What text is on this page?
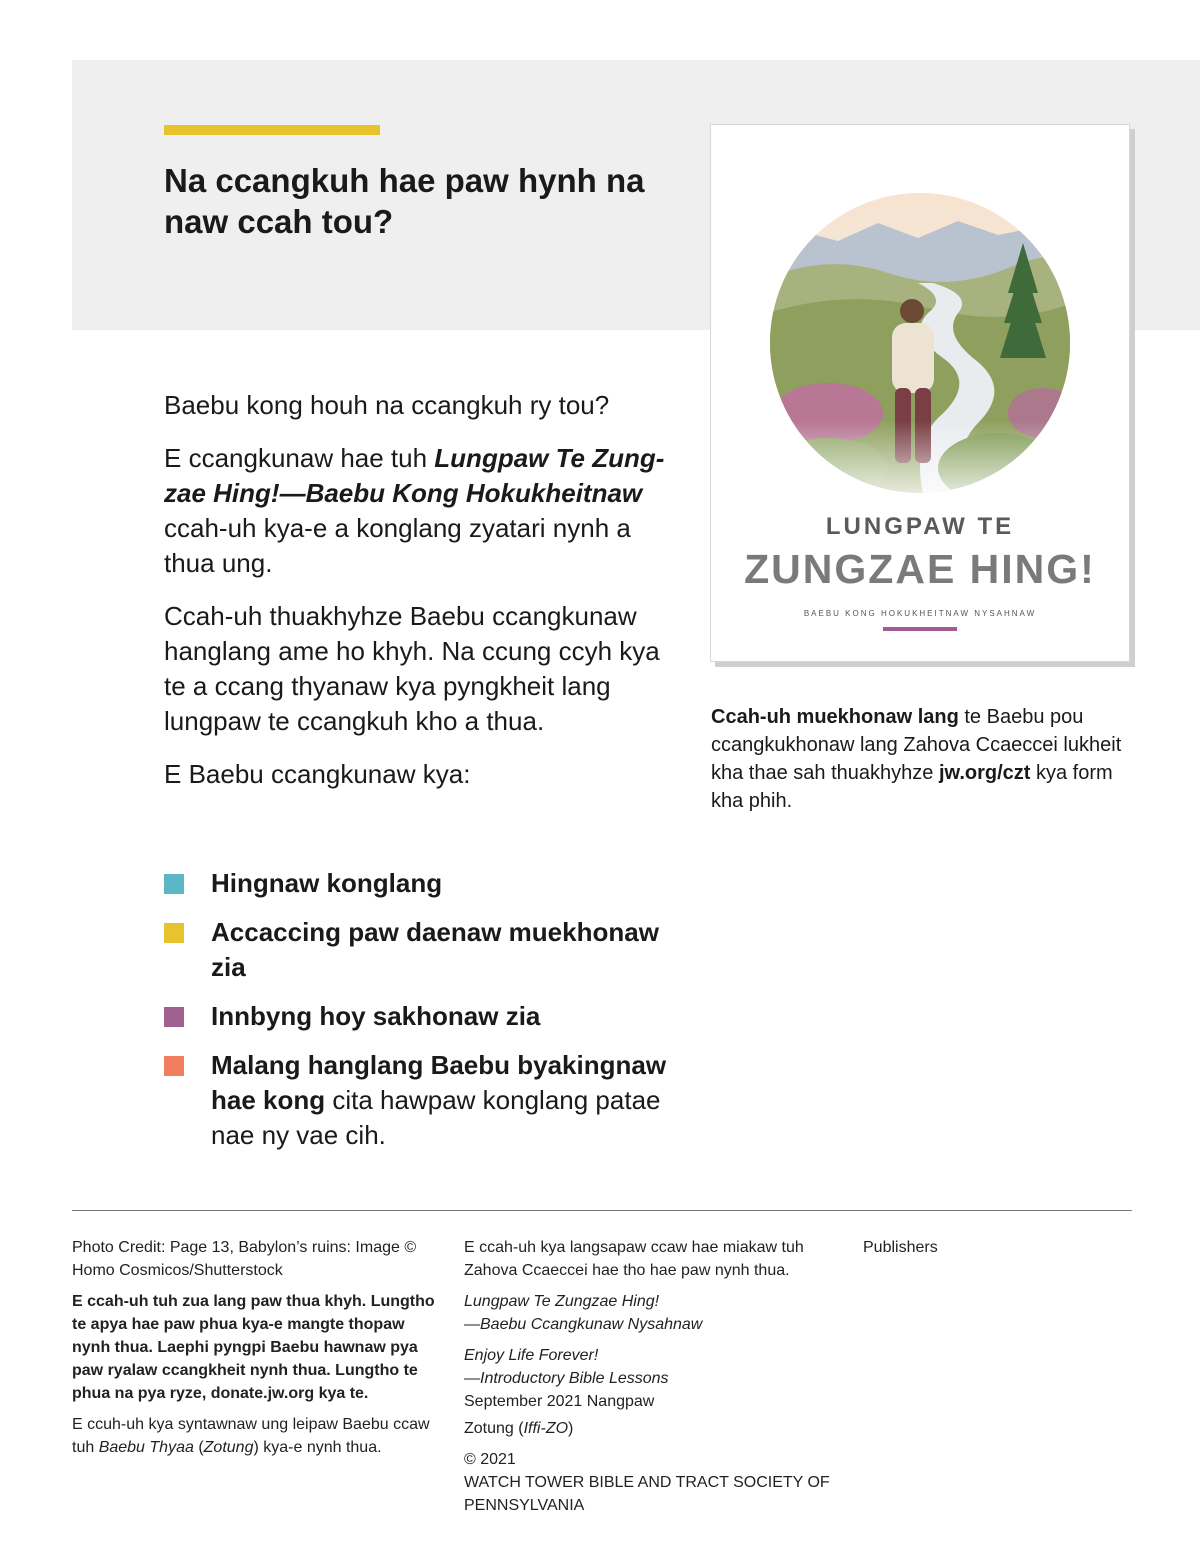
Na ccangkuh hae paw hynh na
naw ccah tou?

Baebu kong houh na ccangkuh ry tou?

E ccangkunaw hae tuh Lungpaw Te Zung-zae Hing!—Baebu Kong Hokukheitnaw ccah-uh kya-e a konglang zyatari nynh a thua ung.

Ccah-uh thuakhyhze Baebu ccangkunaw hanglang ame ho khyh. Na ccung ccyh kya te a ccang thyanaw kya pyngkheit lang lungpaw te ccangkuh kho a thua.

E Baebu ccangkunaw kya:

Hingnaw konglang
Accaccing paw daenaw muekhonaw zia
Innbyng hoy sakhonaw zia
Malang hanglang Baebu byakingnaw hae kong cita hawpaw konglang patae nae ny vae cih.
LUNGPAW TE
ZUNGZAE HING!
BAEBU KONG HOKUKHEITNAW NYSAHNAW
Ccah-uh muekhonaw lang te Baebu pou ccangkukhonaw lang Zahova Ccaeccei lukheit kha thae sah thuakhyhze jw.org/czt kya form kha phih.

Photo Credit: Page 13, Babylon’s ruins: Image © Homo Cosmicos/Shutterstock

E ccah-uh tuh zua lang paw thua khyh. Lungtho te apya hae paw phua kya-e mangte thopaw nynh thua. Laephi pyngpi Baebu hawnaw pya paw ryalaw ccangkheit nynh thua. Lungtho te phua na pya ryze, donate.jw.org kya te.

E ccuh-uh kya syntawnaw ung leipaw Baebu ccaw tuh Baebu Thyaa (Zotung) kya-e nynh thua.

E ccah-uh kya langsapaw ccaw hae miakaw tuh Zahova Ccaeccei hae tho hae paw nynh thua.

Lungpaw Te Zungzae Hing!
—Baebu Ccangkunaw Nysahnaw

Enjoy Life Forever!
—Introductory Bible Lessons
September 2021 Nangpaw

Zotung (Iffi-ZO)

© 2021
WATCH TOWER BIBLE AND TRACT SOCIETY OF
PENNSYLVANIA

Publishers
